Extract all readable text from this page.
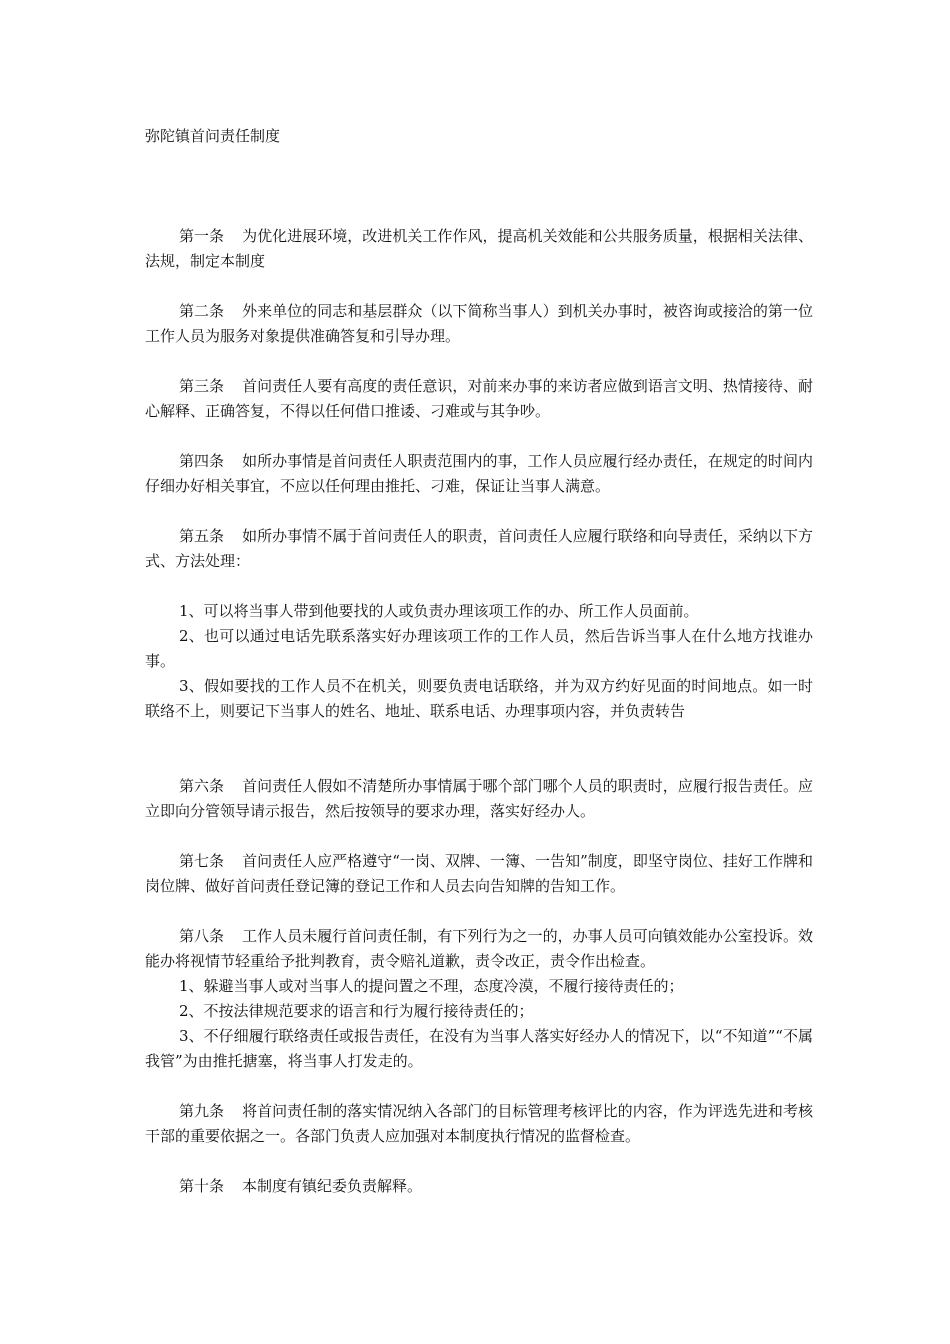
弥陀镇首问责任制度

第一条 为优化进展环境，改进机关工作作风，提高机关效能和公共服务质量，根据相关法律、法规，制定本制度

第二条 外来单位的同志和基层群众（以下简称当事人）到机关办事时，被咨询或接洽的第一位工作人员为服务对象提供准确答复和引导办理。

第三条 首问责任人要有高度的责任意识，对前来办事的来访者应做到语言文明、热情接待、耐心解释、正确答复，不得以任何借口推诿、刁难或与其争吵。

第四条 如所办事情是首问责任人职责范围内的事，工作人员应履行经办责任，在规定的时间内仔细办好相关事宜，不应以任何理由推托、刁难，保证让当事人满意。

第五条 如所办事情不属于首问责任人的职责，首问责任人应履行联络和向导责任，采纳以下方式、方法处理：

1、可以将当事人带到他要找的人或负责办理该项工作的办、所工作人员面前。

2、也可以通过电话先联系落实好办理该项工作的工作人员，然后告诉当事人在什么地方找谁办事。

3、假如要找的工作人员不在机关，则要负责电话联络，并为双方约好见面的时间地点。如一时联络不上，则要记下当事人的姓名、地址、联系电话、办理事项内容，并负责转告

第六条 首问责任人假如不清楚所办事情属于哪个部门哪个人员的职责时，应履行报告责任。应立即向分管领导请示报告，然后按领导的要求办理，落实好经办人。

第七条 首问责任人应严格遵守“一岗、双牌、一簿、一告知”制度，即坚守岗位、挂好工作牌和岗位牌、做好首问责任登记簿的登记工作和人员去向告知牌的告知工作。

第八条 工作人员未履行首问责任制，有下列行为之一的，办事人员可向镇效能办公室投诉。效能办将视情节轻重给予批判教育，责令赔礼道歉，责令改正，责令作出检查。

1、躲避当事人或对当事人的提问置之不理，态度冷漠，不履行接待责任的；

2、不按法律规范要求的语言和行为履行接待责任的；

3、不仔细履行联络责任或报告责任，在没有为当事人落实好经办人的情况下，以“不知道”“不属我管”为由推托搪塞，将当事人打发走的。

第九条 将首问责任制的落实情况纳入各部门的目标管理考核评比的内容，作为评选先进和考核干部的重要依据之一。各部门负责人应加强对本制度执行情况的监督检查。

第十条 本制度有镇纪委负责解释。
